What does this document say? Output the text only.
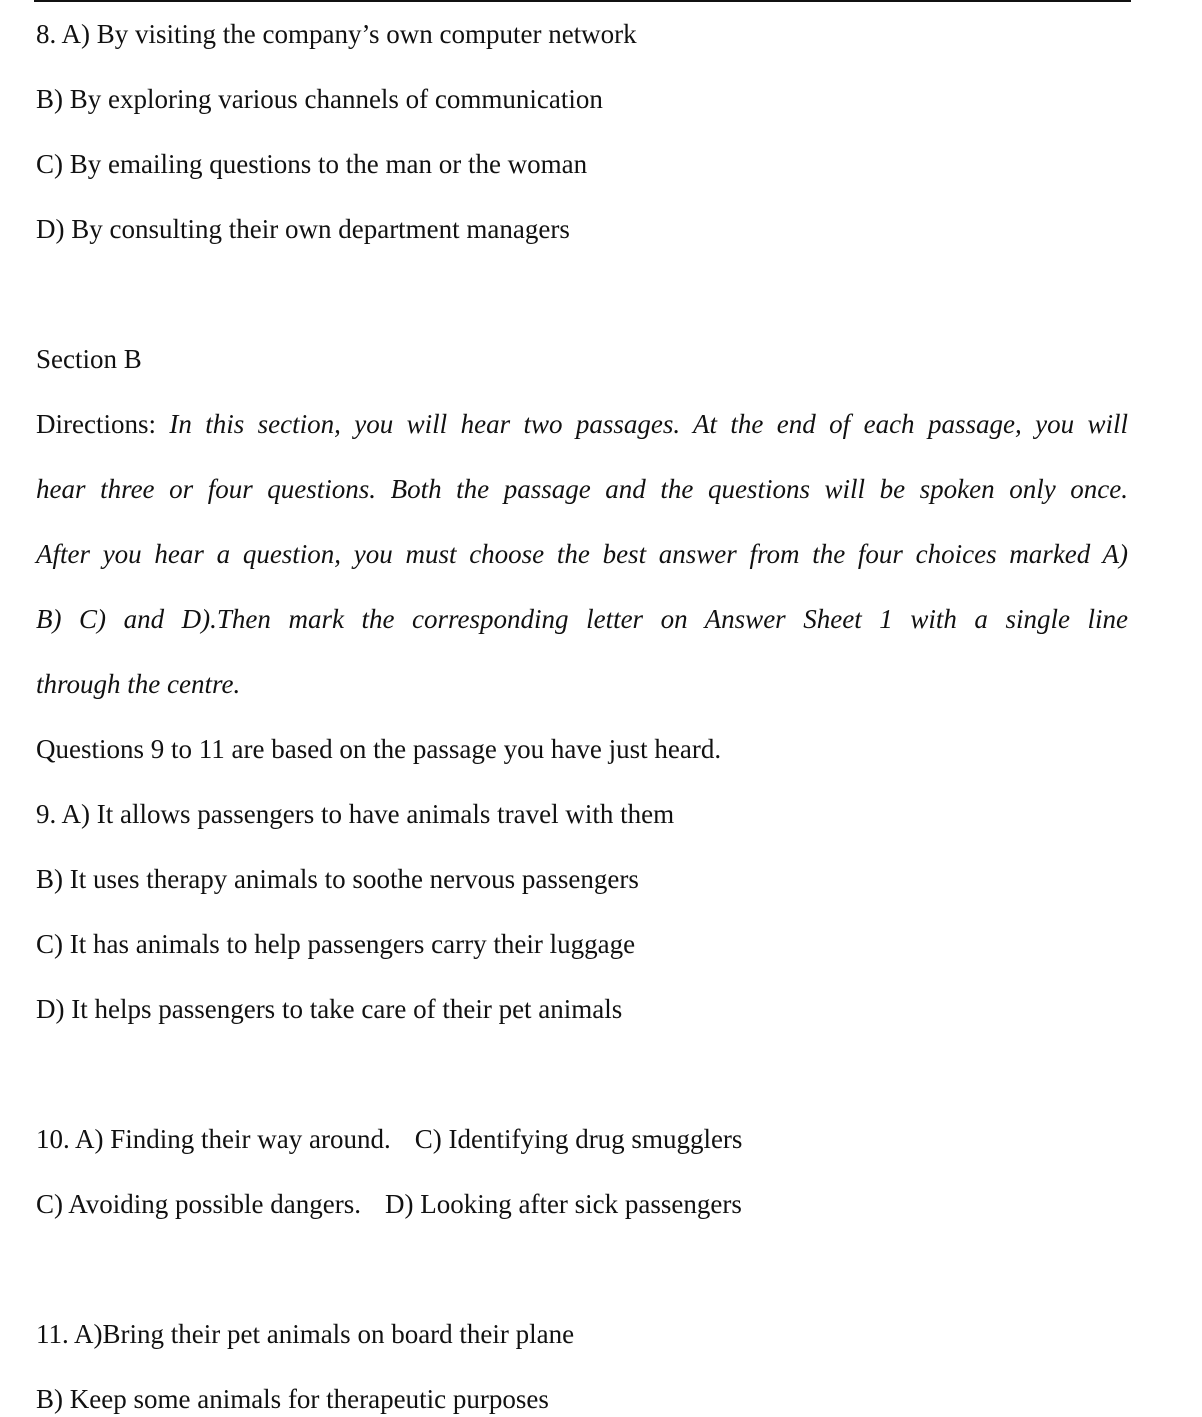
8. A) By visiting the company’s own computer network
B) By exploring various channels of communication
C) By emailing questions to the man or the woman
D) By consulting their own department managers
Section B
Directions: In this section, you will hear two passages. At the end of each passage, you will
hear three or four questions. Both the passage and the questions will be spoken only once.
After you hear a question, you must choose the best answer from the four choices marked A)
B) C) and D).Then mark the corresponding letter on Answer Sheet 1 with a single line
through the centre.
Questions 9 to 11 are based on the passage you have just heard.
9. A) It allows passengers to have animals travel with them
B) It uses therapy animals to soothe nervous passengers
C) It has animals to help passengers carry their luggage
D) It helps passengers to take care of their pet animals
10. A) Finding their way around. C) Identifying drug smugglers
C) Avoiding possible dangers. D) Looking after sick passengers
11. A)Bring their pet animals on board their plane
B) Keep some animals for therapeutic purposes
